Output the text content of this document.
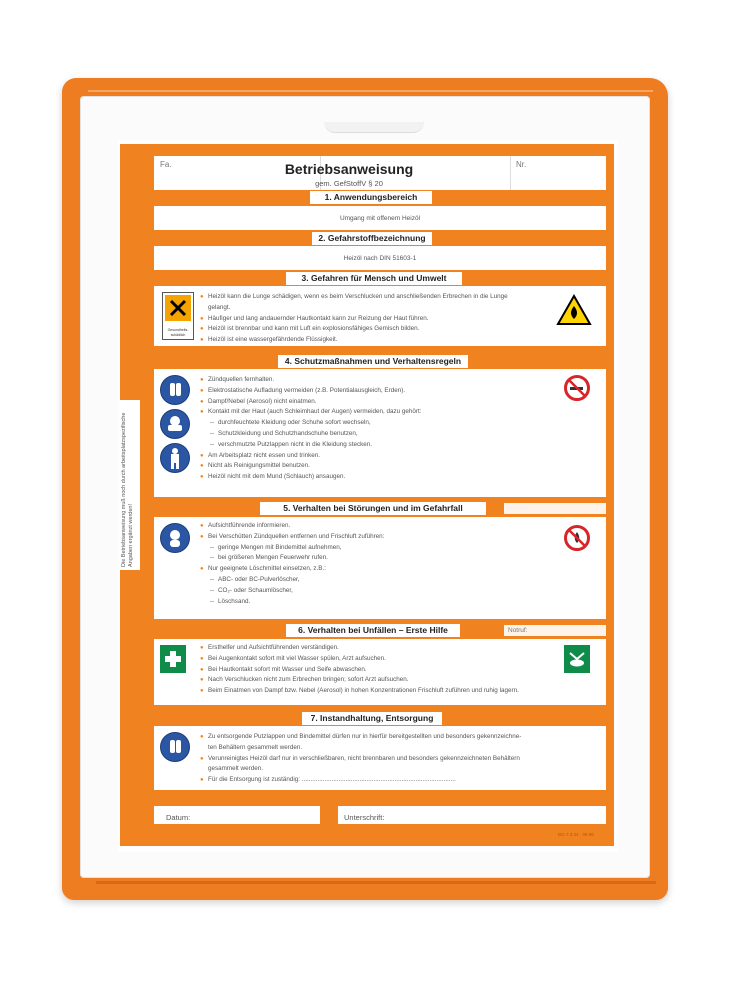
Fa.	Nr.
Betriebsanweisung
gem. GefStoffV § 20
1. Anwendungsbereich
Umgang mit offenem Heizöl
2. Gefahrstoffbezeichnung
Heizöl nach DIN 51603-1
3. Gefahren für Mensch und Umwelt
Gesundheits-schädlich
● Heizöl kann die Lunge schädigen, wenn es beim Verschlucken und anschließenden Erbrechen in die Lunge
gelangt.
● Häufiger und lang andauernder Hautkontakt kann zur Reizung der Haut führen.
● Heizöl ist brennbar und kann mit Luft ein explosionsfähiges Gemisch bilden.
● Heizöl ist eine wassergefährdende Flüssigkeit.
4. Schutzmaßnahmen und Verhaltensregeln
● Zündquellen fernhalten.
● Elektrostatische Aufladung vermeiden (z.B. Potentialausgleich, Erden).
● Dampf/Nebel (Aerosol) nicht einatmen.
● Kontakt mit der Haut (auch Schleimhaut der Augen) vermeiden, dazu gehört:
– durchfeuchtete Kleidung oder Schuhe sofort wechseln,
– Schutzkleidung und Schutzhandschuhe benutzen,
– verschmutzte Putzlappen nicht in die Kleidung stecken.
● Am Arbeitsplatz nicht essen und trinken.
● Nicht als Reinigungsmittel benutzen.
● Heizöl nicht mit dem Mund (Schlauch) ansaugen.
5. Verhalten bei Störungen und im Gefahrfall
● Aufsichtführende informieren.
● Bei Verschütten Zündquellen entfernen und Frischluft zuführen:
– geringe Mengen mit Bindemittel aufnehmen,
– bei größeren Mengen Feuerwehr rufen.
● Nur geeignete Löschmittel einsetzen, z.B.:
– ABC- oder BC-Pulverlöscher,
– CO₂- oder Schaumlöscher,
– Löschsand.
6. Verhalten bei Unfällen – Erste Hilfe	Notruf:
● Ersthelfer und Aufsichtführenden verständigen.
● Bei Augenkontakt sofort mit viel Wasser spülen, Arzt aufsuchen.
● Bei Hautkontakt sofort mit Wasser und Seife abwaschen.
● Nach Verschlucken nicht zum Erbrechen bringen; sofort Arzt aufsuchen.
● Beim Einatmen von Dampf bzw. Nebel (Aerosol) in hohen Konzentrationen Frischluft zuführen und ruhig lagern.
7. Instandhaltung, Entsorgung
● Zu entsorgende Putzlappen und Bindemittel dürfen nur in hierfür bereitgestellten und besonders gekennzeichne-
ten Behältern gesammelt werden.
● Verunreinigtes Heizöl darf nur in verschließbaren, nicht brennbaren und besonders gekennzeichneten Behältern
gesammelt werden.
● Für die Entsorgung ist zuständig: ........................................................................................
Datum:	Unterschrift:
BG-7.3.34 · 09.96
Die Betriebsanweisung muß noch durch arbeitsplatzspezifische Angaben ergänzt werden!
